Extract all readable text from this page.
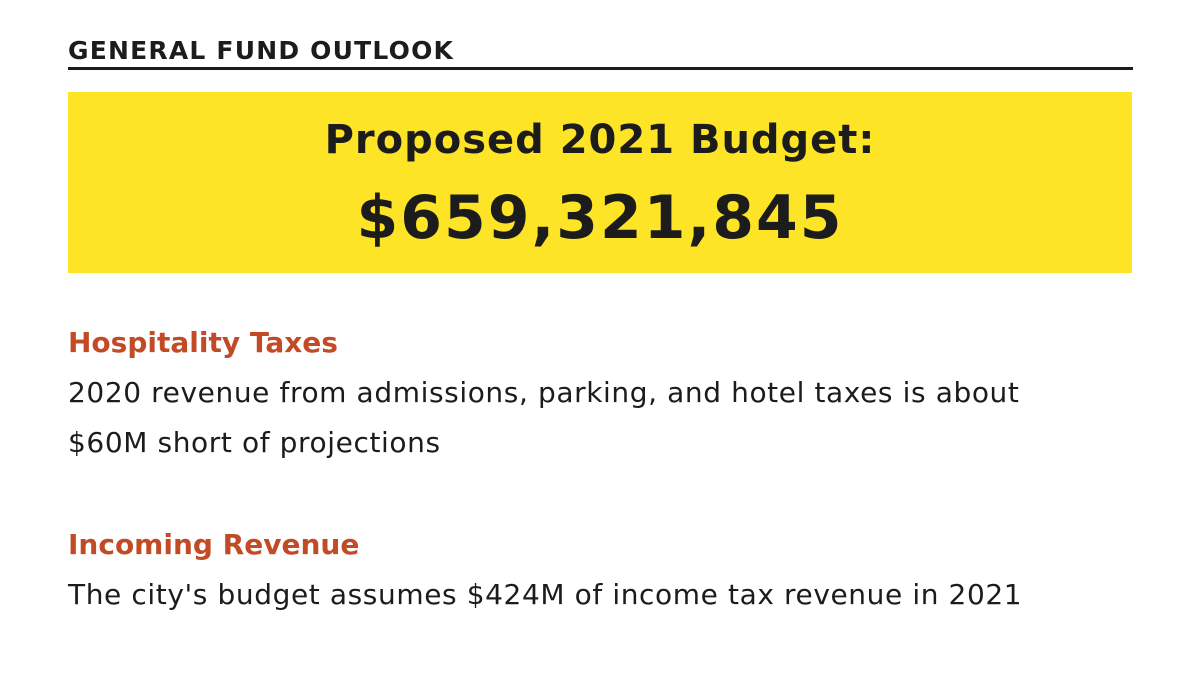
GENERAL FUND OUTLOOK
Proposed 2021 Budget:
$659,321,845
Hospitality Taxes
2020 revenue from admissions, parking, and hotel taxes is about
$60M short of projections
Incoming Revenue
The city's budget assumes $424M of income tax revenue in 2021
